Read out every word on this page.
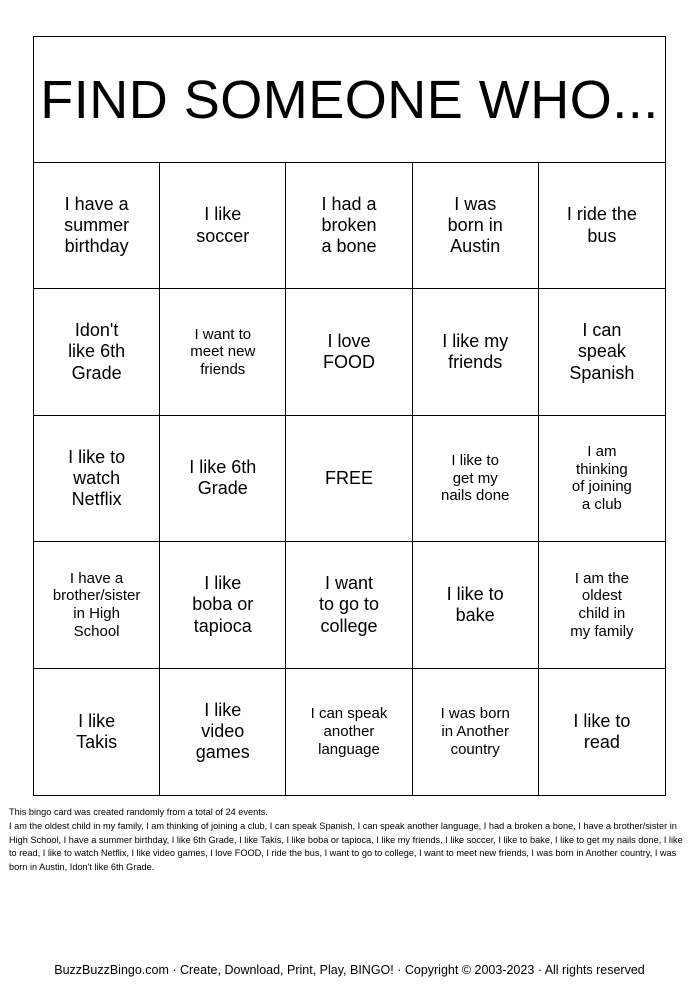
FIND SOMEONE WHO...
I have a
summer
birthday
I like
soccer
I had a
broken
a bone
I was
born in
Austin
I ride the
bus
Idon't
like 6th
Grade
I want to
meet new
friends
I love
FOOD
I like my
friends
I can
speak
Spanish
I like to
watch
Netflix
I like 6th
Grade
FREE
I like to
get my
nails done
I am
thinking
of joining
a club
I have a
brother/sister
in High
School
I like
boba or
tapioca
I want
to go to
college
I like to
bake
I am the
oldest
child in
my family
I like
Takis
I like
video
games
I can speak
another
language
I was born
in Another
country
I like to
read
This bingo card was created randomly from a total of 24 events.
I am the oldest child in my family, I am thinking of joining a club, I can speak Spanish, I can speak another language, I had a broken a bone, I have a brother/sister in High School, I have a summer birthday, I like 6th Grade, I like Takis, I like boba or tapioca, I like my friends, I like soccer, I like to bake, I like to get my nails done, I like to read, I like to watch Netflix, I like video games, I love FOOD, I ride the bus, I want to go to college, I want to meet new friends, I was born in Another country, I was born in Austin, Idon't like 6th Grade.
BuzzBuzzBingo.com · Create, Download, Print, Play, BINGO! · Copyright © 2003-2023 · All rights reserved
